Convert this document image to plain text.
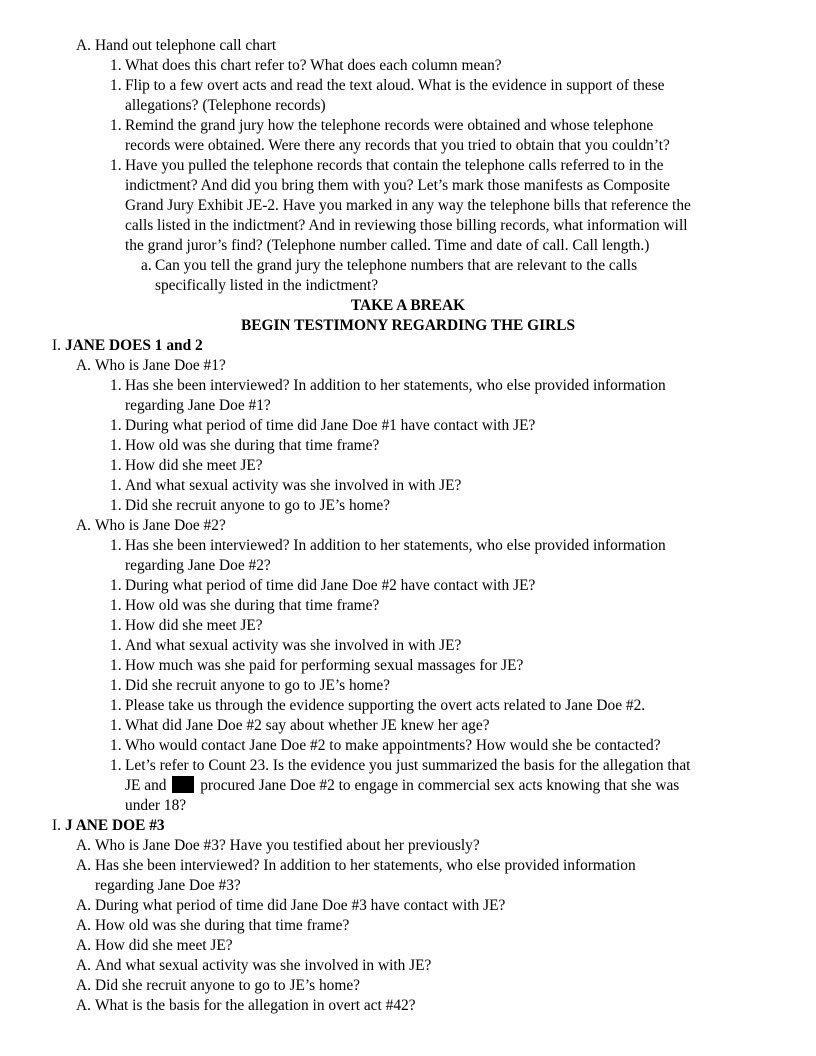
A. Hand out telephone call chart
1. What does this chart refer to? What does each column mean?
1. Flip to a few overt acts and read the text aloud. What is the evidence in support of these
allegations? (Telephone records)
1. Remind the grand jury how the telephone records were obtained and whose telephone
records were obtained. Were there any records that you tried to obtain that you couldn’t?
1. Have you pulled the telephone records that contain the telephone calls referred to in the
indictment? And did you bring them with you? Let’s mark those manifests as Composite
Grand Jury Exhibit JE-2. Have you marked in any way the telephone bills that reference the
calls listed in the indictment? And in reviewing those billing records, what information will
the grand juror’s find? (Telephone number called. Time and date of call. Call length.)
a. Can you tell the grand jury the telephone numbers that are relevant to the calls
specifically listed in the indictment?
TAKE A BREAK
BEGIN TESTIMONY REGARDING THE GIRLS
I. JANE DOES 1 and 2
A. Who is Jane Doe #1?
1. Has she been interviewed? In addition to her statements, who else provided information
regarding Jane Doe #1?
1. During what period of time did Jane Doe #1 have contact with JE?
1. How old was she during that time frame?
1. How did she meet JE?
1. And what sexual activity was she involved in with JE?
1. Did she recruit anyone to go to JE’s home?
A. Who is Jane Doe #2?
1. Has she been interviewed? In addition to her statements, who else provided information
regarding Jane Doe #2?
1. During what period of time did Jane Doe #2 have contact with JE?
1. How old was she during that time frame?
1. How did she meet JE?
1. And what sexual activity was she involved in with JE?
1. How much was she paid for performing sexual massages for JE?
1. Did she recruit anyone to go to JE’s home?
1. Please take us through the evidence supporting the overt acts related to Jane Doe #2.
1. What did Jane Doe #2 say about whether JE knew her age?
1. Who would contact Jane Doe #2 to make appointments? How would she be contacted?
1. Let’s refer to Count 23. Is the evidence you just summarized the basis for the allegation that
JE and procured Jane Doe #2 to engage in commercial sex acts knowing that she was
under 18?
I. J ANE DOE #3
A. Who is Jane Doe #3? Have you testified about her previously?
A. Has she been interviewed? In addition to her statements, who else provided information
regarding Jane Doe #3?
A. During what period of time did Jane Doe #3 have contact with JE?
A. How old was she during that time frame?
A. How did she meet JE?
A. And what sexual activity was she involved in with JE?
A. Did she recruit anyone to go to JE’s home?
A. What is the basis for the allegation in overt act #42?
